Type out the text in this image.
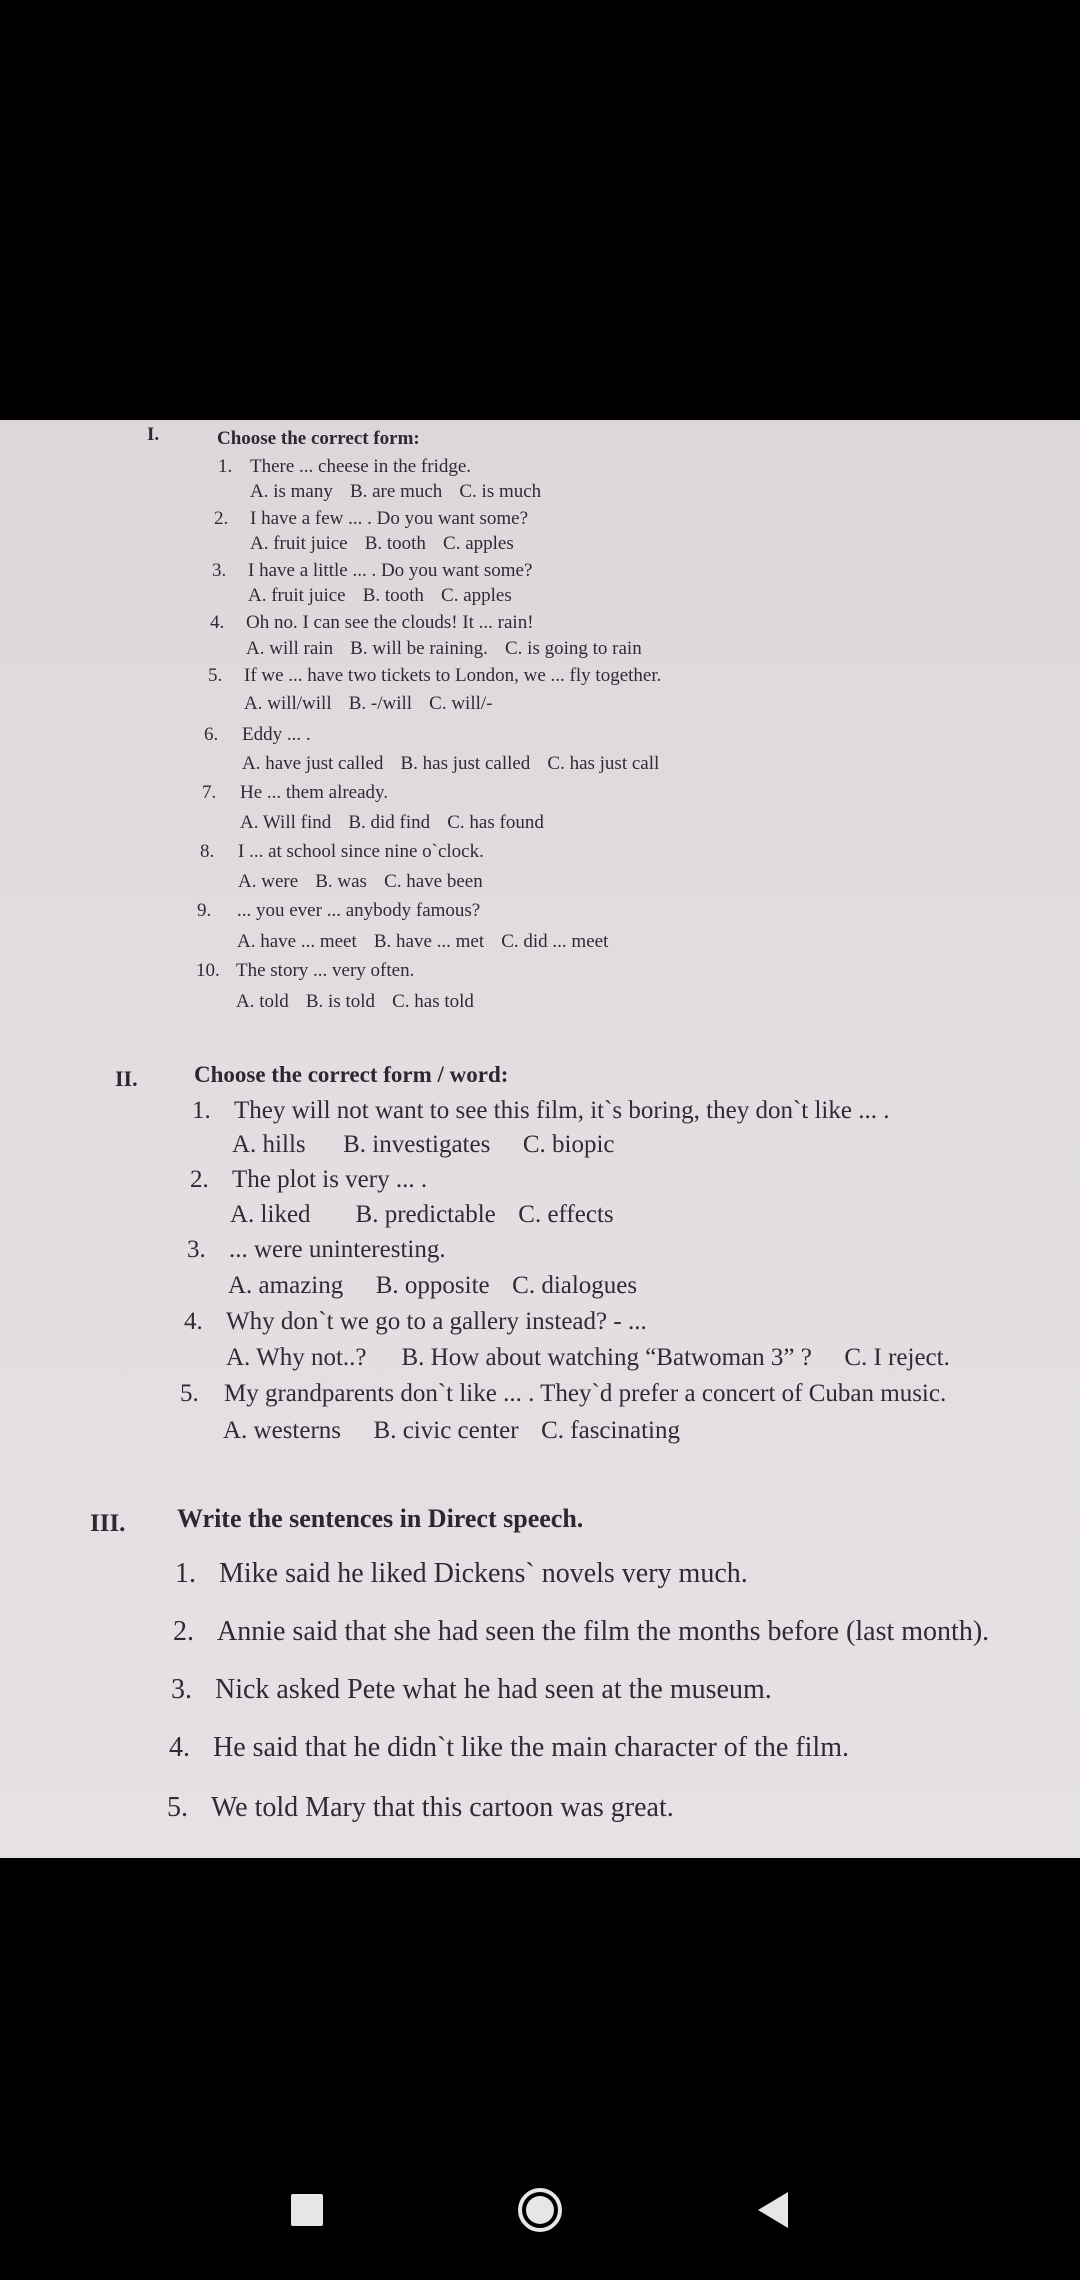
I.	Choose the correct form:
1. There ... cheese in the fridge.
A. is many B. are much C. is much
2. I have a few ... . Do you want some?
A. fruit juice B. tooth C. apples
3. I have a little ... . Do you want some?
A. fruit juice B. tooth C. apples
4. Oh no. I can see the clouds! It ... rain!
A. will rain B. will be raining. C. is going to rain
5. If we ... have two tickets to London, we ... fly together.
A. will/will B. -/will C. will/-
6. Eddy ... .
A. have just called B. has just called C. has just call
7. He ... them already.
A. Will find B. did find C. has found
8. I ... at school since nine o`clock.
A. were B. was C. have been
9. ... you ever ... anybody famous?
A. have ... meet B. have ... met C. did ... meet
10. The story ... very often.
A. told B. is told C. has told
II. Choose the correct form / word:
1. They will not want to see this film, it`s boring, they don`t like ... .
A. hills B. investigates C. biopic
2. The plot is very ... .
A. liked B. predictable C. effects
3. ... were uninteresting.
A. amazing B. opposite C. dialogues
4. Why don`t we go to a gallery instead? - ...
A. Why not..? B. How about watching “Batwoman 3” ? C. I reject.
5. My grandparents don`t like ... . They`d prefer a concert of Cuban music.
A. westerns B. civic center C. fascinating
III. Write the sentences in Direct speech.
1. Mike said he liked Dickens` novels very much.
2. Annie said that she had seen the film the months before (last month).
3. Nick asked Pete what he had seen at the museum.
4. He said that he didn`t like the main character of the film.
5. We told Mary that this cartoon was great.
